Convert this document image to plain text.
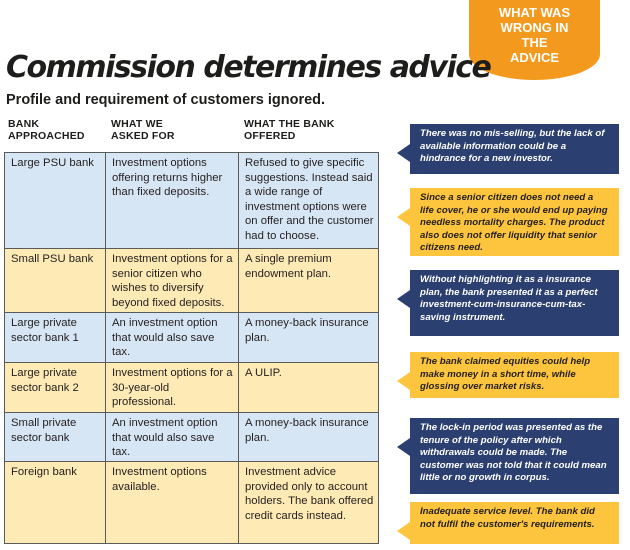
WHAT WAS
WRONG IN
THE
ADVICE
Commission determines advice

Profile and requirement of customers ignored.

BANK
APPROACHED
WHAT WE
ASKED FOR
WHAT THE BANK
OFFERED
Large PSU bank	Investment options offering returns higher than fixed deposits.	Refused to give specific suggestions. Instead said a wide range of investment options were on offer and the customer had to choose.
Small PSU bank	Investment options for a senior citizen who wishes to diversify beyond fixed deposits.	A single premium endowment plan.
Large private sector bank 1	An investment option that would also save tax.	A money-back insurance plan.
Large private sector bank 2	Investment options for a 30-year-old professional.	A ULIP.
Small private sector bank	An investment option that would also save tax.	A money-back insurance plan.
Foreign bank	Investment options available.	Investment advice provided only to account holders. The bank offered credit cards instead.
There was no mis-selling, but the lack of available information could be a hindrance for a new investor.
Since a senior citizen does not need a life cover, he or she would end up paying needless mortality charges. The product also does not offer liquidity that senior citizens need.
Without highlighting it as a insurance plan, the bank presented it as a perfect investment-cum-insurance-cum-tax-saving instrument.
The bank claimed equities could help make money in a short time, while glossing over market risks.
The lock-in period was presented as the tenure of the policy after which withdrawals could be made. The customer was not told that it could mean little or no growth in corpus.
Inadequate service level. The bank did not fulfil the customer's requirements.
